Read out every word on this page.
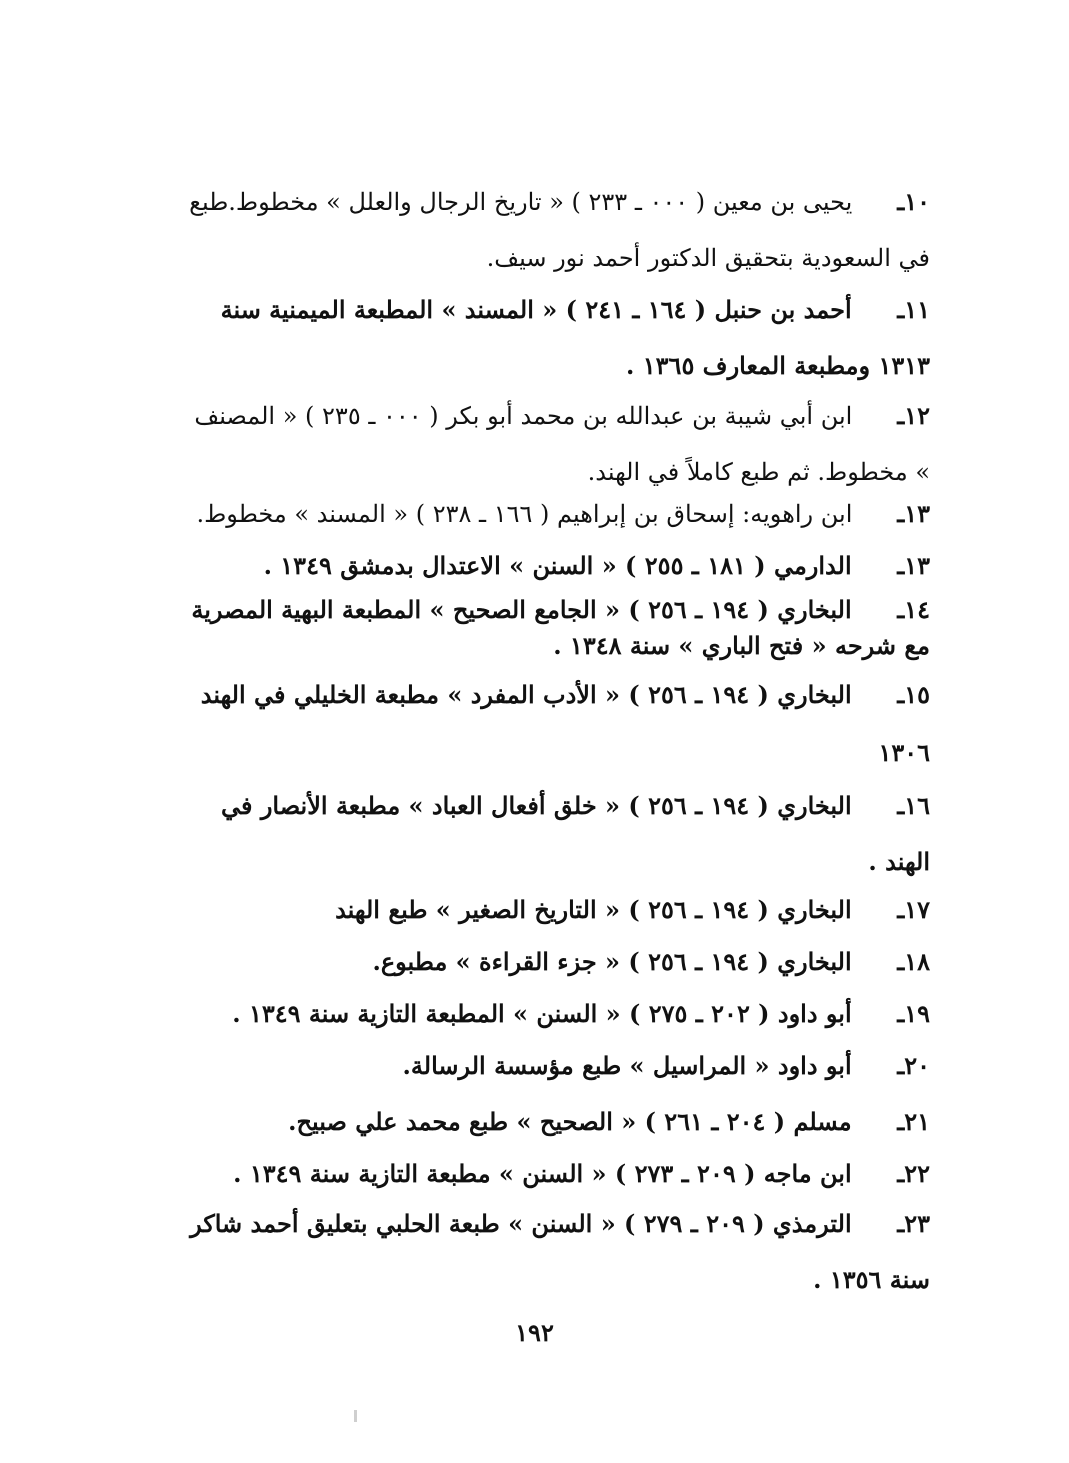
١٠ـ يحيى بن معين ( ٠٠٠ ـ ٢٣٣ ) « تاريخ الرجال والعلل » مخطوط.طبع في السعودية بتحقيق الدكتور أحمد نور سيف.
١١ـ أحمد بن حنبل ( ١٦٤ ـ ٢٤١ ) « المسند » المطبعة الميمنية سنة ١٣١٣ ومطبعة المعارف ١٣٦٥ .
١٢ـ ابن أبي شيبة بن عبدالله بن محمد أبو بكر ( ٠٠٠ ـ ٢٣٥ ) « المصنف » مخطوط. ثم طبع كاملاً في الهند.
١٣ـ ابن راهويه: إسحاق بن إبراهيم ( ١٦٦ ـ ٢٣٨ ) « المسند » مخطوط.
١٣ـ الدارمي ( ١٨١ ـ ٢٥٥ ) « السنن » الاعتدال بدمشق ١٣٤٩ .
١٤ـ البخاري ( ١٩٤ ـ ٢٥٦ ) « الجامع الصحيح » المطبعة البهية المصرية مع شرحه « فتح الباري » سنة ١٣٤٨ .
١٥ـ البخاري ( ١٩٤ ـ ٢٥٦ ) « الأدب المفرد » مطبعة الخليلي في الهند ١٣٠٦
١٦ـ البخاري ( ١٩٤ ـ ٢٥٦ ) « خلق أفعال العباد » مطبعة الأنصار في الهند .
١٧ـ البخاري ( ١٩٤ ـ ٢٥٦ ) « التاريخ الصغير » طبع الهند
١٨ـ البخاري ( ١٩٤ ـ ٢٥٦ ) « جزء القراءة » مطبوع.
١٩ـ أبو داود ( ٢٠٢ ـ ٢٧٥ ) « السنن » المطبعة التازية سنة ١٣٤٩ .
٢٠ـ أبو داود « المراسيل » طبع مؤسسة الرسالة.
٢١ـ مسلم ( ٢٠٤ ـ ٢٦١ ) « الصحيح » طبع محمد علي صبيح.
٢٢ـ ابن ماجه ( ٢٠٩ ـ ٢٧٣ ) « السنن » مطبعة التازية سنة ١٣٤٩ .
٢٣ـ الترمذي ( ٢٠٩ ـ ٢٧٩ ) « السنن » طبعة الحلبي بتعليق أحمد شاكر سنة ١٣٥٦ .
١٩٢
